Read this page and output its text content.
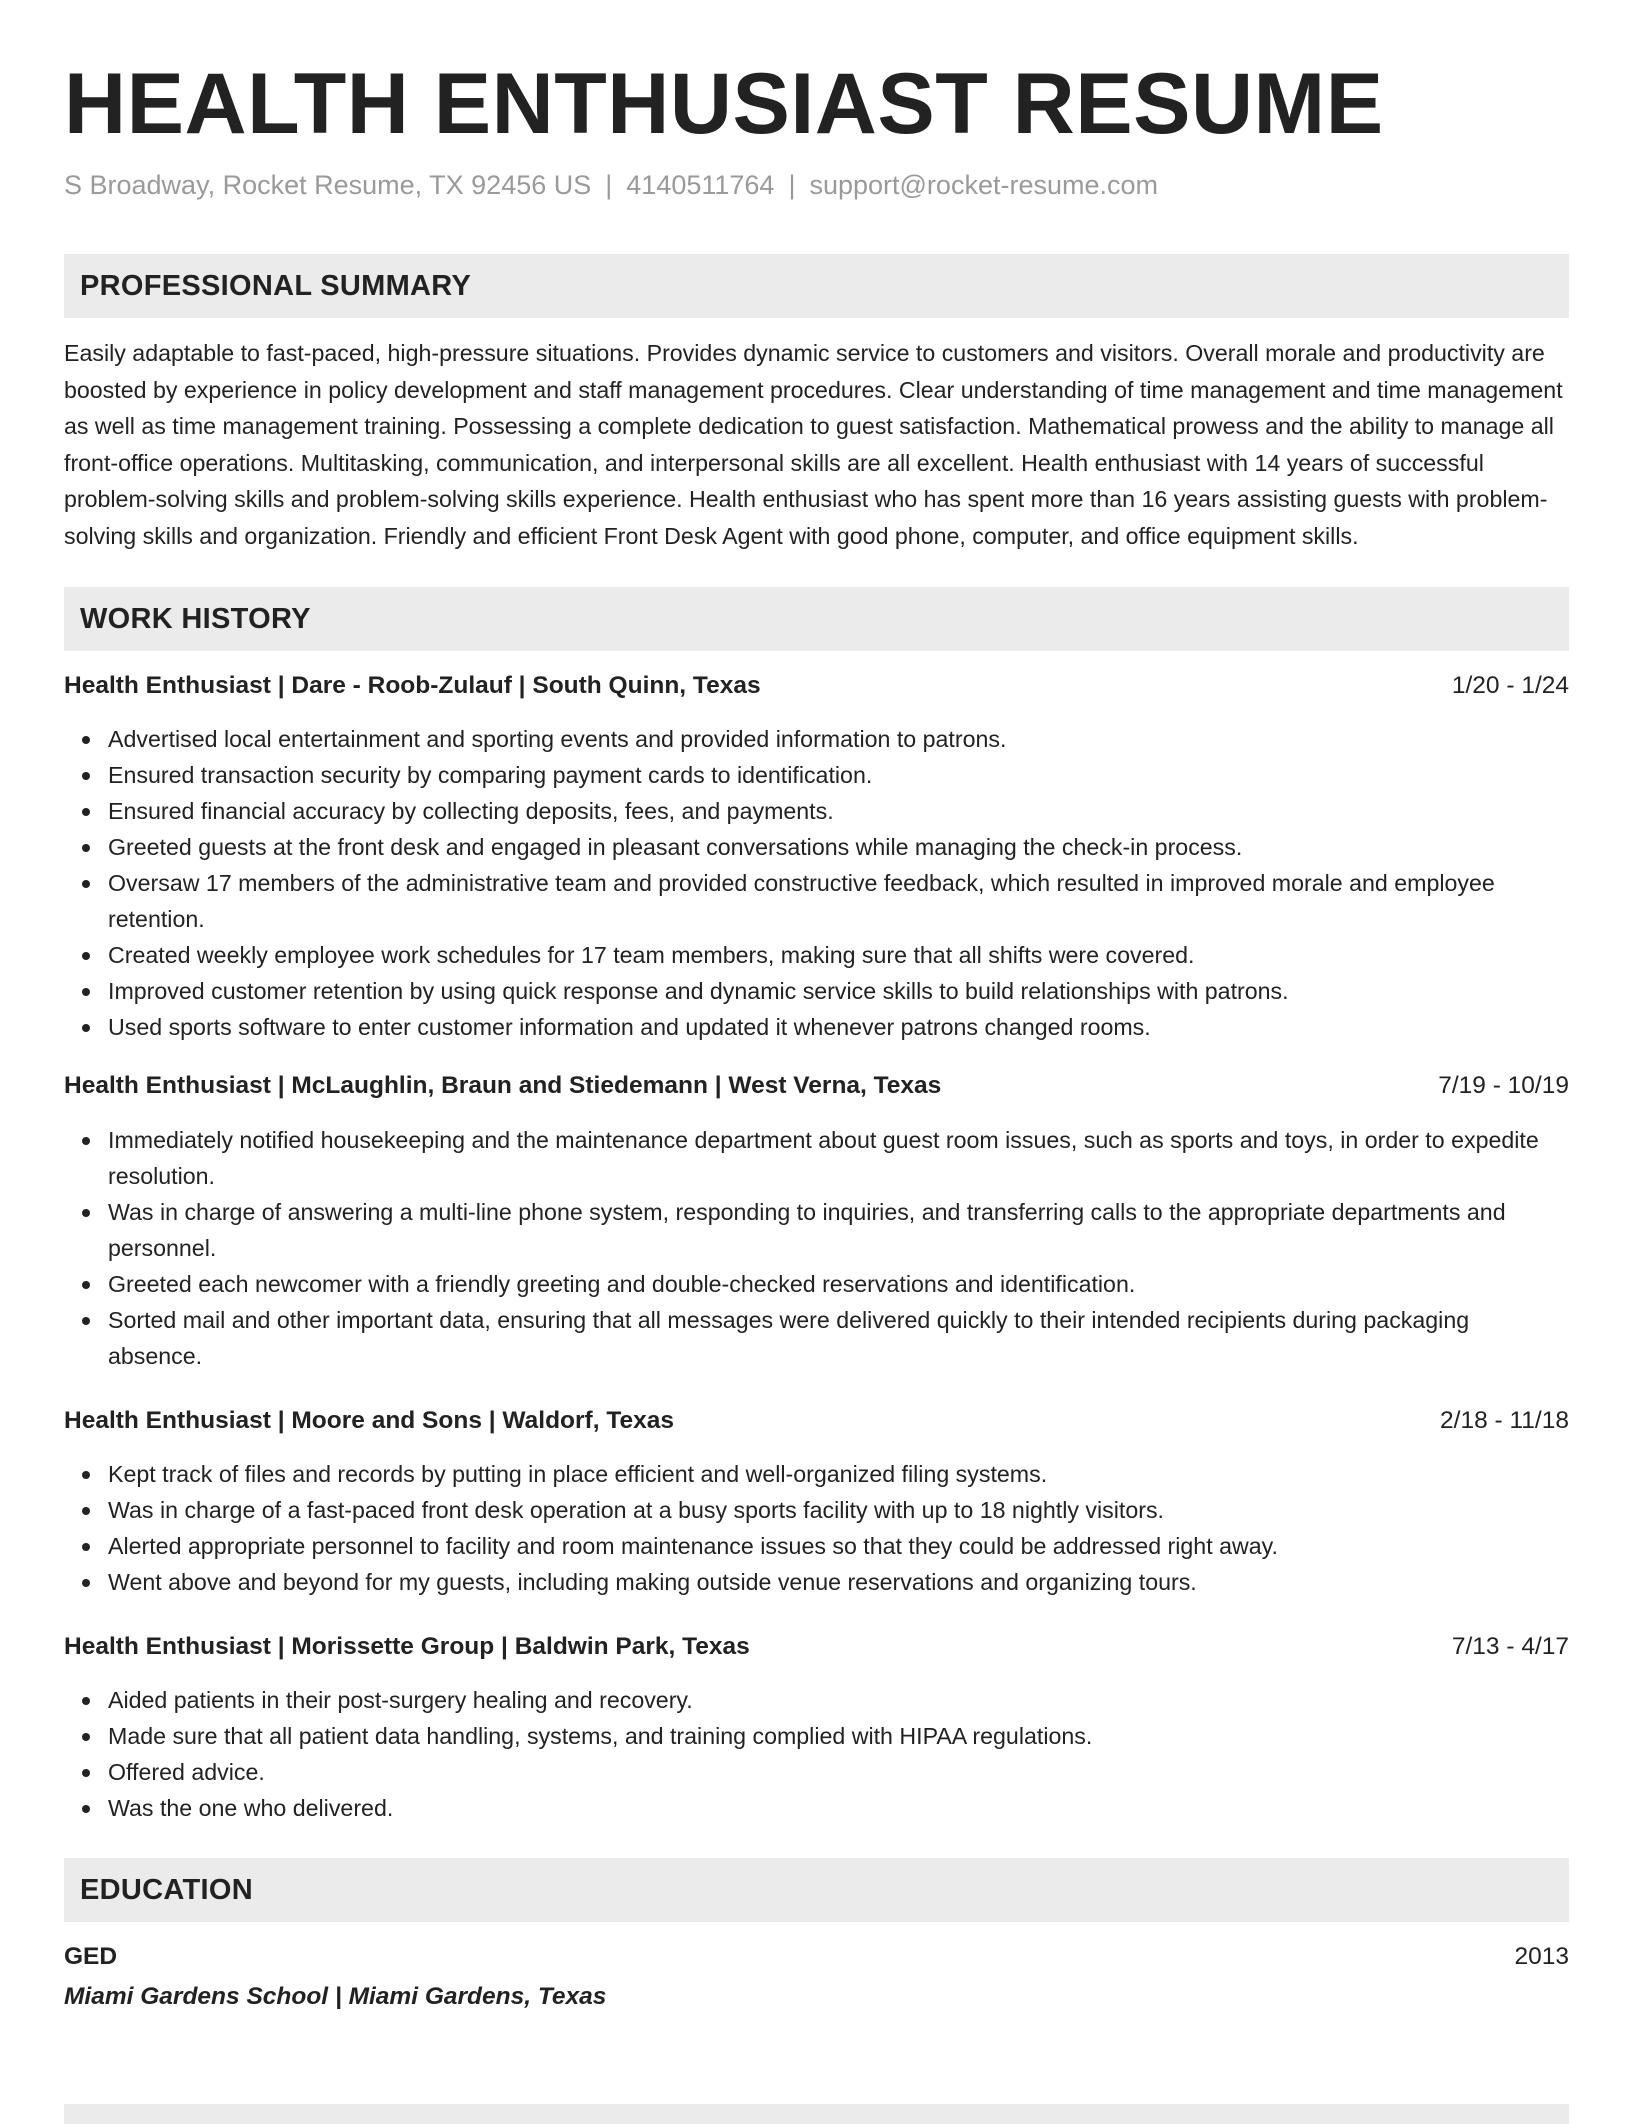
HEALTH ENTHUSIAST RESUME
S Broadway, Rocket Resume, TX 92456 US | 4140511764 | support@rocket-resume.com
PROFESSIONAL SUMMARY

Easily adaptable to fast-paced, high-pressure situations. Provides dynamic service to customers and visitors. Overall morale and productivity are boosted by experience in policy development and staff management procedures. Clear understanding of time management and time management as well as time management training. Possessing a complete dedication to guest satisfaction. Mathematical prowess and the ability to manage all front-office operations. Multitasking, communication, and interpersonal skills are all excellent. Health enthusiast with 14 years of successful problem-solving skills and problem-solving skills experience. Health enthusiast who has spent more than 16 years assisting guests with problem-solving skills and organization. Friendly and efficient Front Desk Agent with good phone, computer, and office equipment skills.

WORK HISTORY
Health Enthusiast | Dare - Roob-Zulauf | South Quinn, Texas	1/20 - 1/24
Advertised local entertainment and sporting events and provided information to patrons.
Ensured transaction security by comparing payment cards to identification.
Ensured financial accuracy by collecting deposits, fees, and payments.
Greeted guests at the front desk and engaged in pleasant conversations while managing the check-in process.
Oversaw 17 members of the administrative team and provided constructive feedback, which resulted in improved morale and employee retention.
Created weekly employee work schedules for 17 team members, making sure that all shifts were covered.
Improved customer retention by using quick response and dynamic service skills to build relationships with patrons.
Used sports software to enter customer information and updated it whenever patrons changed rooms.
Health Enthusiast | McLaughlin, Braun and Stiedemann | West Verna, Texas	7/19 - 10/19
Immediately notified housekeeping and the maintenance department about guest room issues, such as sports and toys, in order to expedite resolution.
Was in charge of answering a multi-line phone system, responding to inquiries, and transferring calls to the appropriate departments and personnel.
Greeted each newcomer with a friendly greeting and double-checked reservations and identification.
Sorted mail and other important data, ensuring that all messages were delivered quickly to their intended recipients during packaging absence.
Health Enthusiast | Moore and Sons | Waldorf, Texas	2/18 - 11/18
Kept track of files and records by putting in place efficient and well-organized filing systems.
Was in charge of a fast-paced front desk operation at a busy sports facility with up to 18 nightly visitors.
Alerted appropriate personnel to facility and room maintenance issues so that they could be addressed right away.
Went above and beyond for my guests, including making outside venue reservations and organizing tours.
Health Enthusiast | Morissette Group | Baldwin Park, Texas	7/13 - 4/17
Aided patients in their post-surgery healing and recovery.
Made sure that all patient data handling, systems, and training complied with HIPAA regulations.
Offered advice.
Was the one who delivered.
EDUCATION
GED	2013
Miami Gardens School | Miami Gardens, Texas
